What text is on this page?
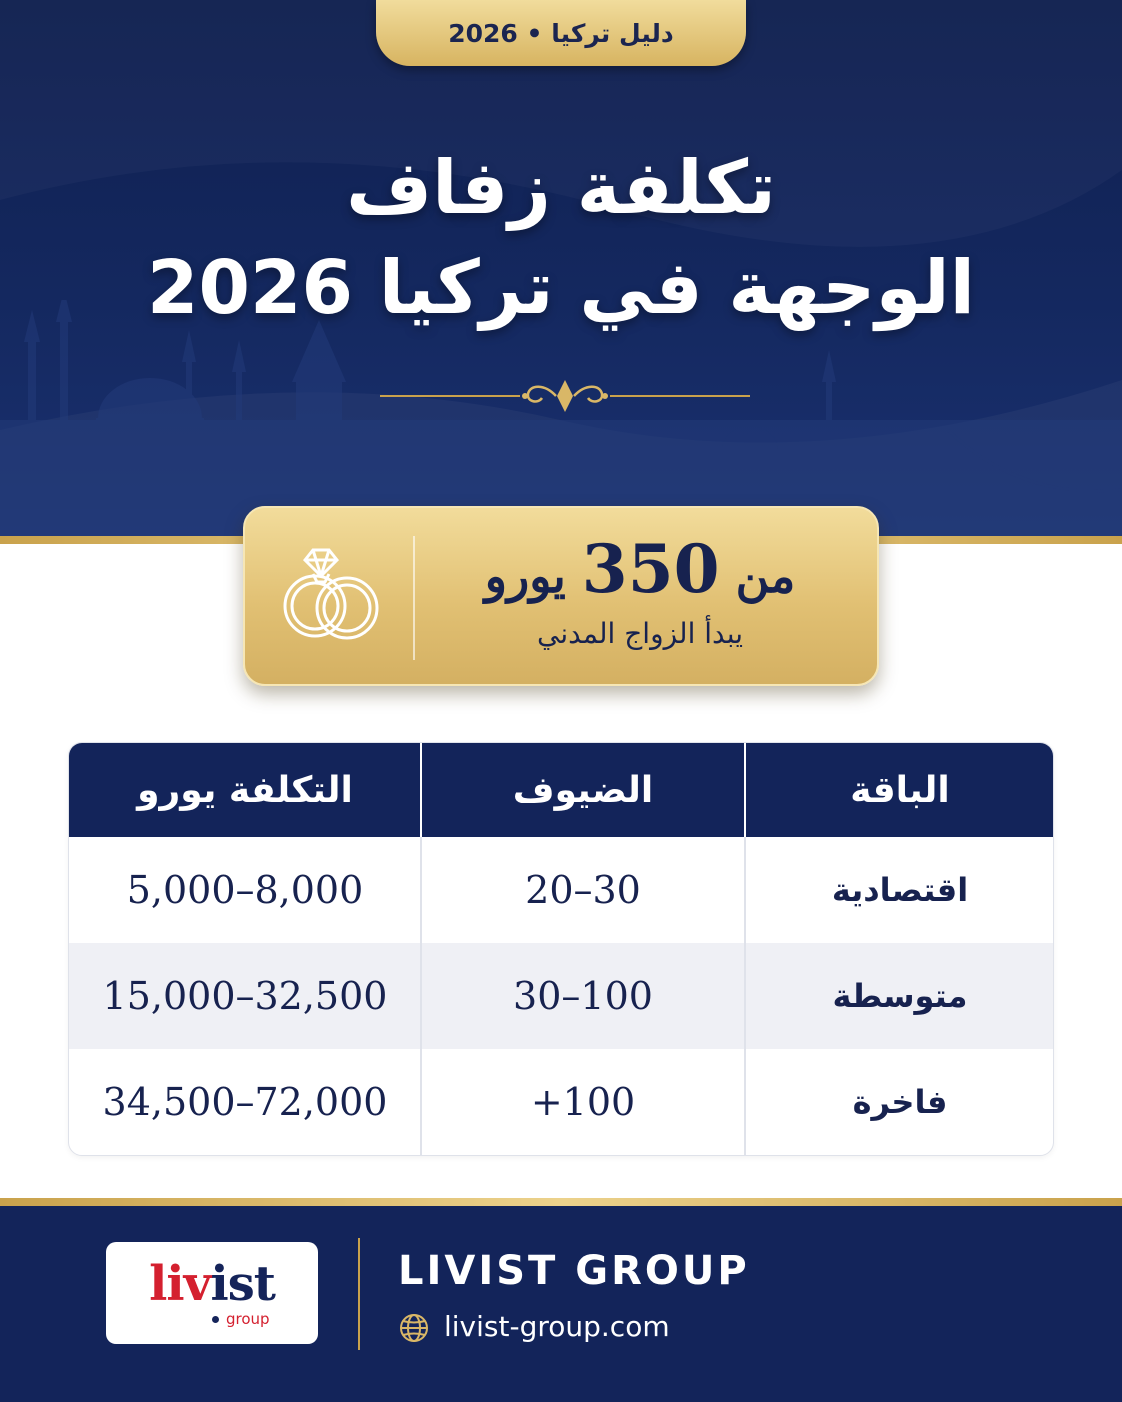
دليل تركيا • 2026
تكلفة زفاف
الوجهة في تركيا 2026
من 350 يورو
يبدأ الزواج المدني
الباقة
الضيوف
التكلفة يورو
اقتصادية
20–30
5,000–8,000
متوسطة
30–100
15,000–32,500
فاخرة
+100
34,500–72,000
livist
group
LIVIST GROUP
livist-group.com
